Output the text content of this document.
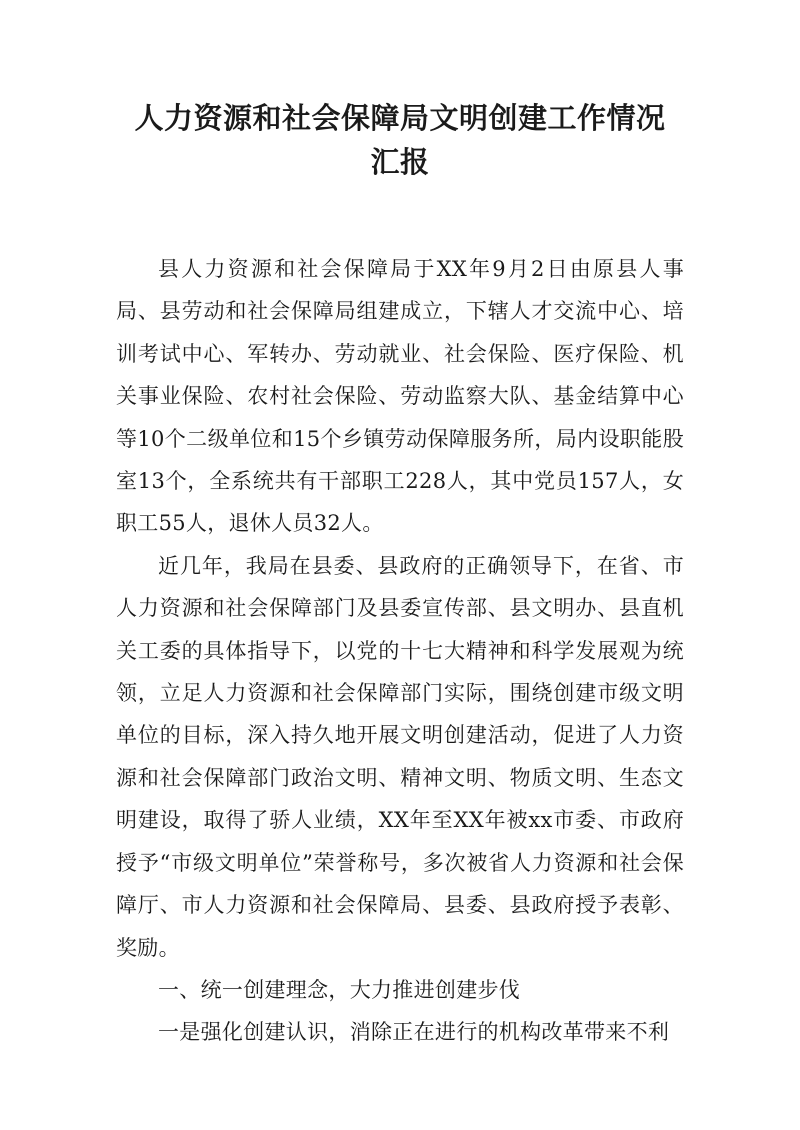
人力资源和社会保障局文明创建工作情况
汇报

县人力资源和社会保障局于XX年9月2日由原县人事局、县劳动和社会保障局组建成立，下辖人才交流中心、培训考试中心、军转办、劳动就业、社会保险、医疗保险、机关事业保险、农村社会保险、劳动监察大队、基金结算中心等10个二级单位和15个乡镇劳动保障服务所，局内设职能股室13个，全系统共有干部职工228人，其中党员157人，女职工55人，退休人员32人。

近几年，我局在县委、县政府的正确领导下，在省、市人力资源和社会保障部门及县委宣传部、县文明办、县直机关工委的具体指导下，以党的十七大精神和科学发展观为统领，立足人力资源和社会保障部门实际，围绕创建市级文明单位的目标，深入持久地开展文明创建活动，促进了人力资源和社会保障部门政治文明、精神文明、物质文明、生态文明建设，取得了骄人业绩，XX年至XX年被xx市委、市政府授予“市级文明单位”荣誉称号，多次被省人力资源和社会保障厅、市人力资源和社会保障局、县委、县政府授予表彰、奖励。

一、统一创建理念，大力推进创建步伐

一是强化创建认识，消除正在进行的机构改革带来不利
